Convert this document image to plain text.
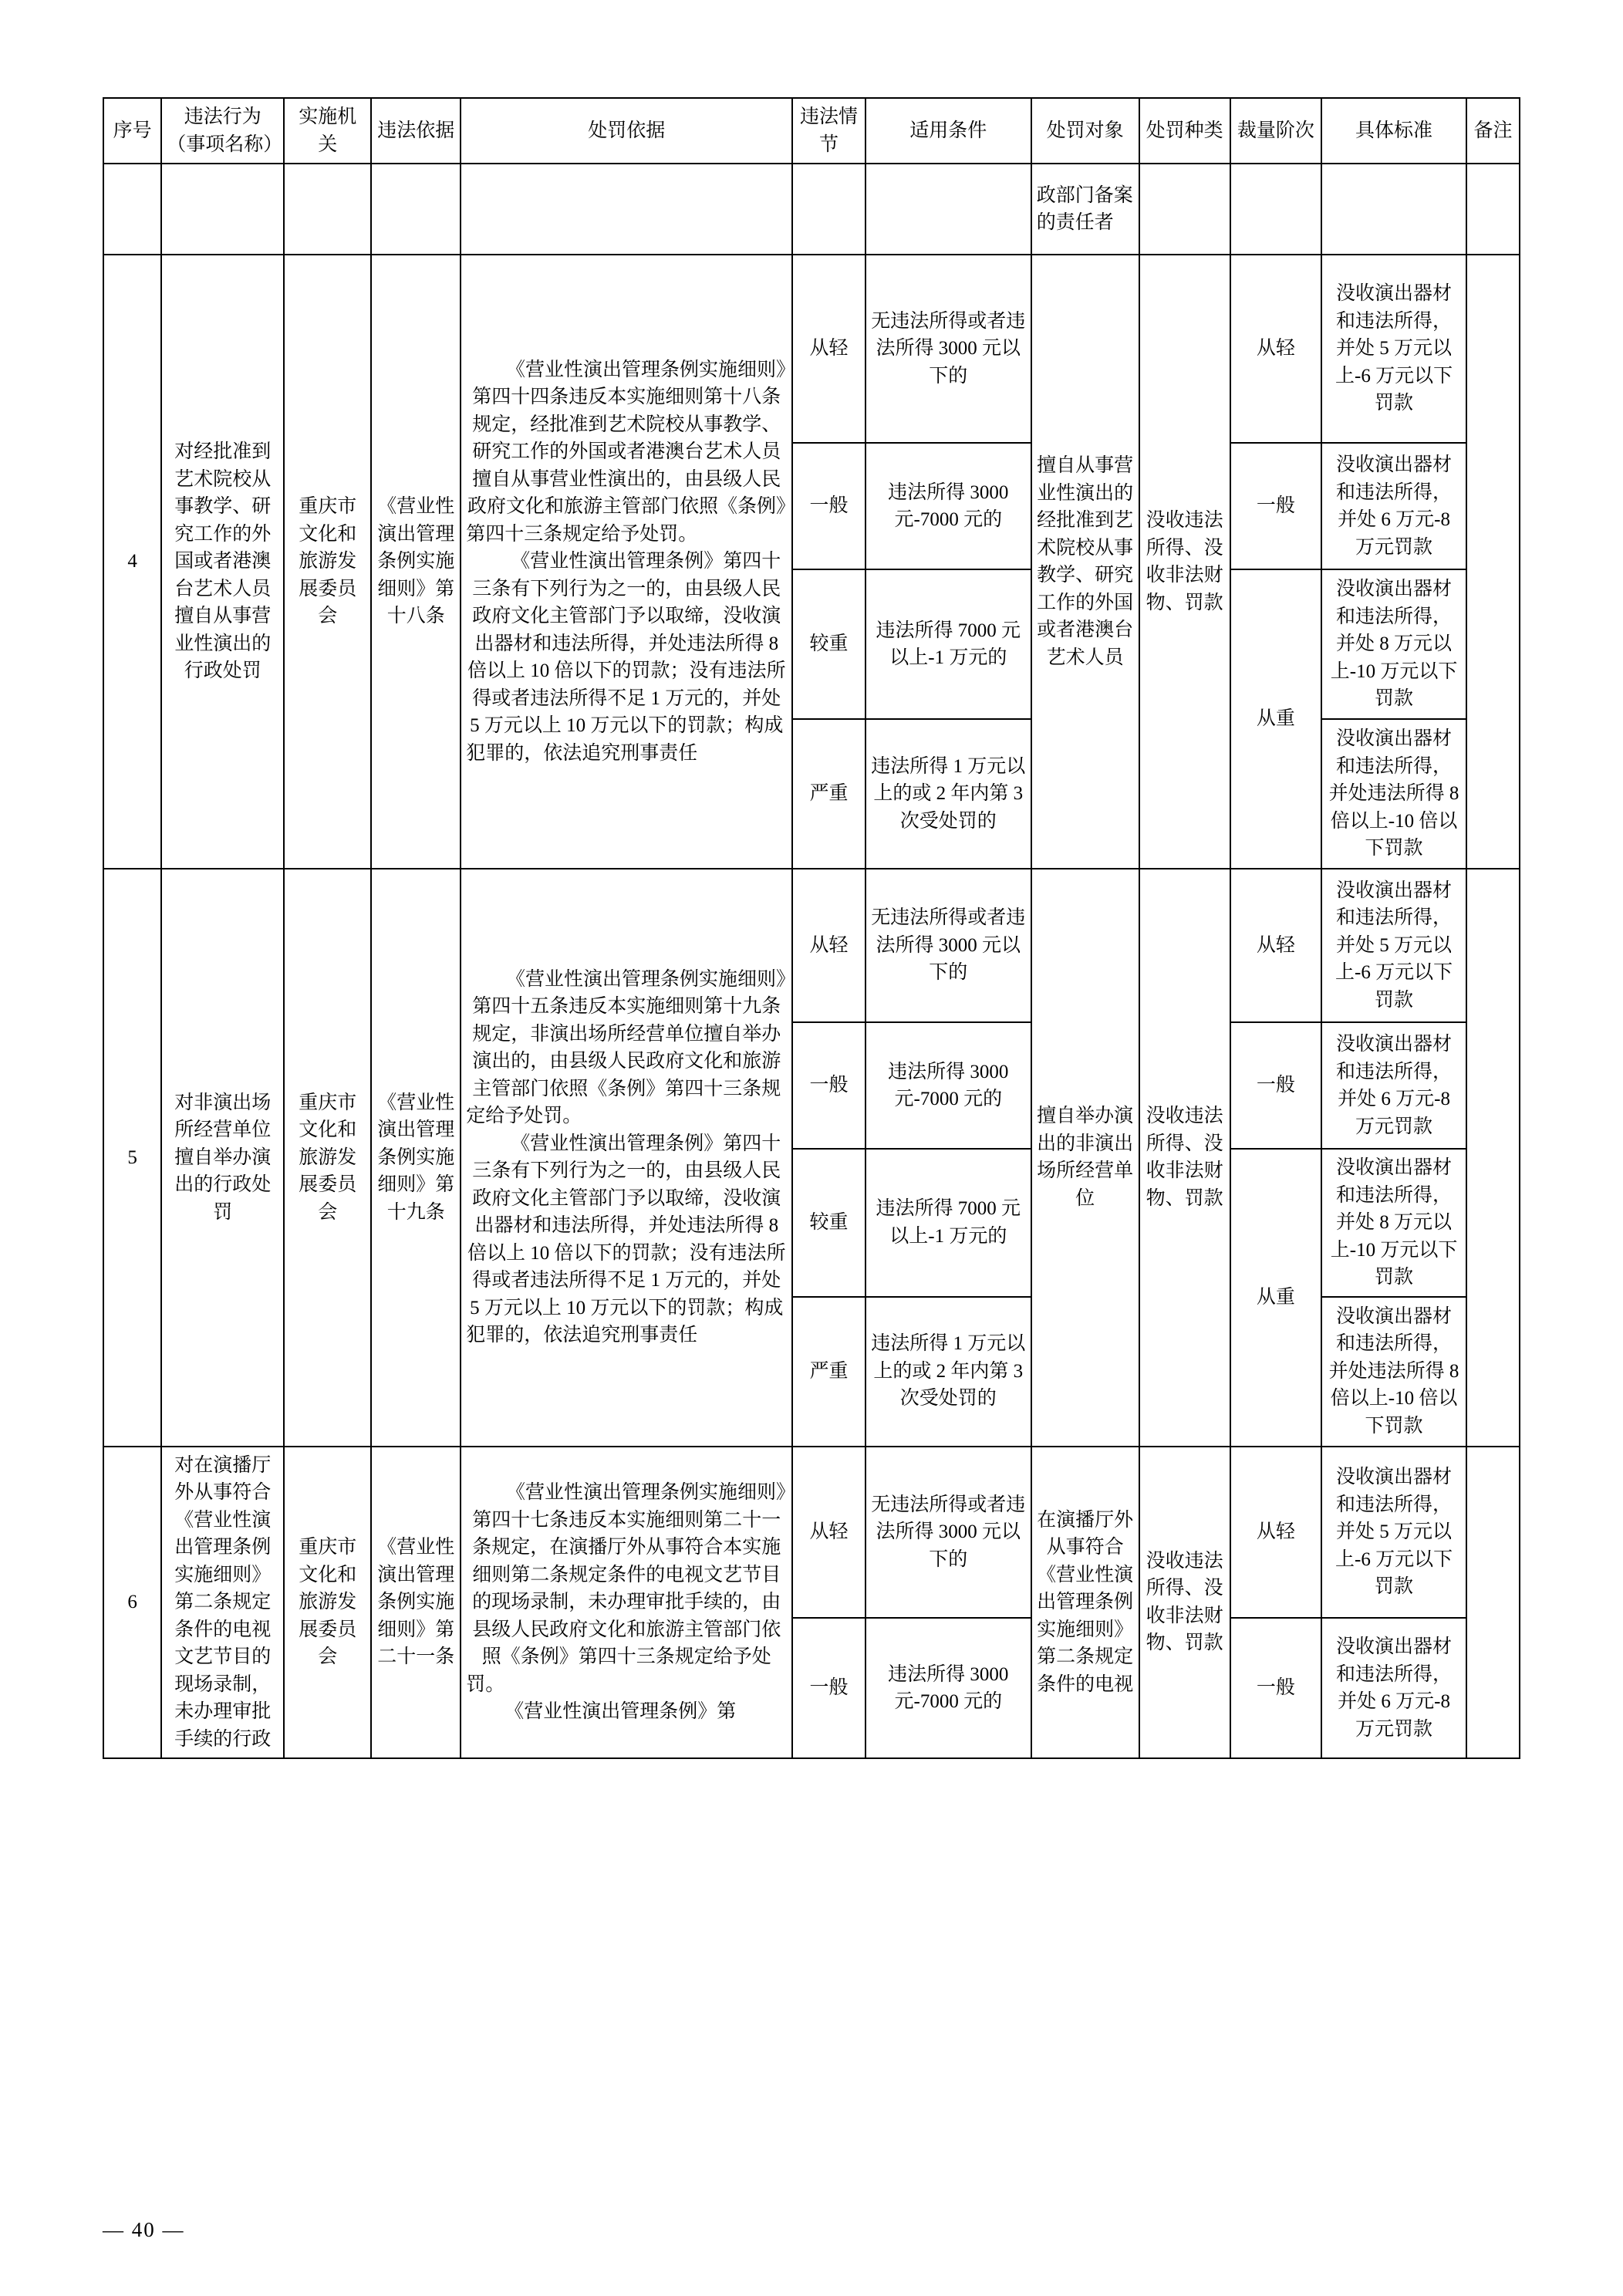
序号	违法行为（事项名称）	实施机关	违法依据	处罚依据	违法情节	适用条件	处罚对象	处罚种类	裁量阶次	具体标准	备注
							政部门备案的责任者				
4	对经批准到艺术院校从事教学、研究工作的外国或者港澳台艺术人员擅自从事营业性演出的行政处罚	重庆市文化和旅游发展委员会	《营业性演出管理条例实施细则》第十八条	《营业性演出管理条例实施细则》第四十四条违反本实施细则第十八条规定，经批准到艺术院校从事教学、研究工作的外国或者港澳台艺术人员擅自从事营业性演出的，由县级人民政府文化和旅游主管部门依照《条例》第四十三条规定给予处罚。

《营业性演出管理条例》第四十三条有下列行为之一的，由县级人民政府文化主管部门予以取缔，没收演出器材和违法所得，并处违法所得 8 倍以上 10 倍以下的罚款；没有违法所得或者违法所得不足 1 万元的，并处 5 万元以上 10 万元以下的罚款；构成犯罪的，依法追究刑事责任	从轻	无违法所得或者违法所得 3000 元以下的	擅自从事营业性演出的经批准到艺术院校从事教学、研究工作的外国或者港澳台艺术人员	没收违法所得、没收非法财物、罚款	从轻	没收演出器材和违法所得，并处 5 万元以上-6 万元以下罚款	
					一般	违法所得 3000 元-7000 元的			一般	没收演出器材和违法所得，并处 6 万元-8 万元罚款	
					较重	违法所得 7000 元以上-1 万元的			从重	没收演出器材和违法所得，并处 8 万元以上-10 万元以下罚款	
					严重	违法所得 1 万元以上的或 2 年内第 3 次受处罚的				没收演出器材和违法所得，并处违法所得 8 倍以上-10 倍以下罚款	
5	对非演出场所经营单位擅自举办演出的行政处罚	重庆市文化和旅游发展委员会	《营业性演出管理条例实施细则》第十九条	《营业性演出管理条例实施细则》第四十五条违反本实施细则第十九条规定，非演出场所经营单位擅自举办演出的，由县级人民政府文化和旅游主管部门依照《条例》第四十三条规定给予处罚。

《营业性演出管理条例》第四十三条有下列行为之一的，由县级人民政府文化主管部门予以取缔，没收演出器材和违法所得，并处违法所得 8 倍以上 10 倍以下的罚款；没有违法所得或者违法所得不足 1 万元的，并处 5 万元以上 10 万元以下的罚款；构成犯罪的，依法追究刑事责任	从轻	无违法所得或者违法所得 3000 元以下的	擅自举办演出的非演出场所经营单位	没收违法所得、没收非法财物、罚款	从轻	没收演出器材和违法所得，并处 5 万元以上-6 万元以下罚款	
					一般	违法所得 3000 元-7000 元的			一般	没收演出器材和违法所得，并处 6 万元-8 万元罚款	
					较重	违法所得 7000 元以上-1 万元的			从重	没收演出器材和违法所得，并处 8 万元以上-10 万元以下罚款	
					严重	违法所得 1 万元以上的或 2 年内第 3 次受处罚的				没收演出器材和违法所得，并处违法所得 8 倍以上-10 倍以下罚款	
6	对在演播厅外从事符合《营业性演出管理条例实施细则》第二条规定条件的电视文艺节目的现场录制，未办理审批手续的行政	重庆市文化和旅游发展委员会	《营业性演出管理条例实施细则》第二十一条	《营业性演出管理条例实施细则》第四十七条违反本实施细则第二十一条规定，在演播厅外从事符合本实施细则第二条规定条件的电视文艺节目的现场录制，未办理审批手续的，由县级人民政府文化和旅游主管部门依照《条例》第四十三条规定给予处罚。

《营业性演出管理条例》第	从轻	无违法所得或者违法所得 3000 元以下的	在演播厅外从事符合《营业性演出管理条例实施细则》第二条规定条件的电视	没收违法所得、没收非法财物、罚款	从轻	没收演出器材和违法所得，并处 5 万元以上-6 万元以下罚款	
					一般	违法所得 3000 元-7000 元的			一般	没收演出器材和违法所得，并处 6 万元-8 万元罚款	
— 40 —
